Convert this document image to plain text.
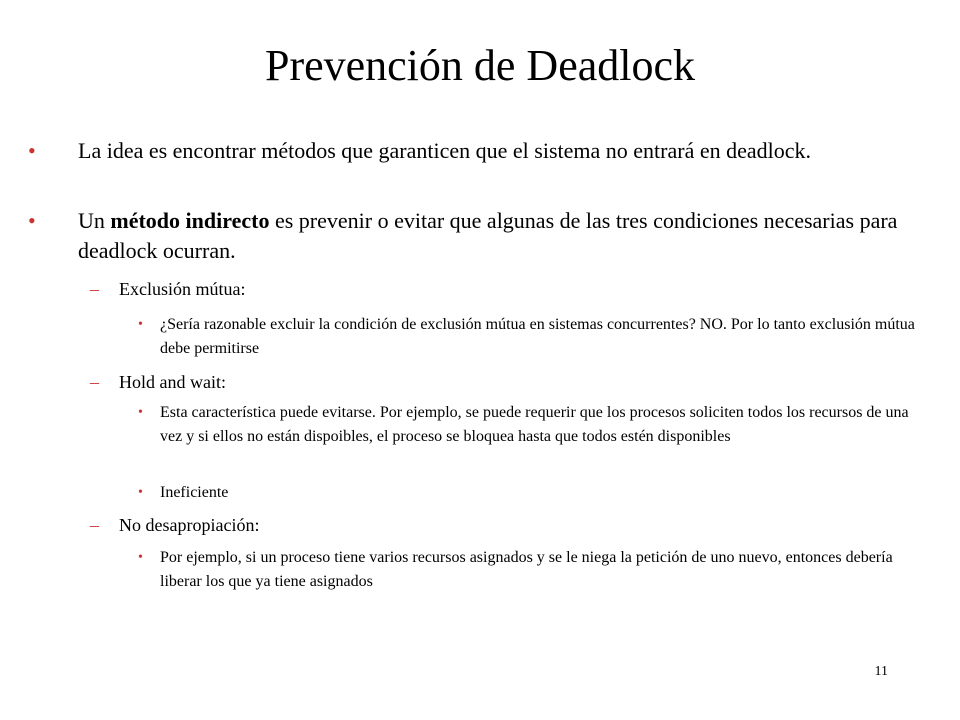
Prevención de Deadlock
• La idea es encontrar métodos que garanticen que el sistema no entrará en deadlock.
• Un método indirecto es prevenir o evitar que algunas de las tres condiciones necesarias para deadlock ocurran.
– Exclusión mútua:
• ¿Sería razonable excluir la condición de exclusión mútua en sistemas concurrentes? NO. Por lo tanto exclusión mútua debe permitirse
– Hold and wait:
• Esta característica puede evitarse. Por ejemplo, se puede requerir que los procesos soliciten todos los recursos de una vez y si ellos no están dispoibles, el proceso se bloquea hasta que todos estén disponibles
• Ineficiente
– No desapropiación:
• Por ejemplo, si un proceso tiene varios recursos asignados y se le niega la petición de uno nuevo, entonces debería liberar los que ya tiene asignados
11
